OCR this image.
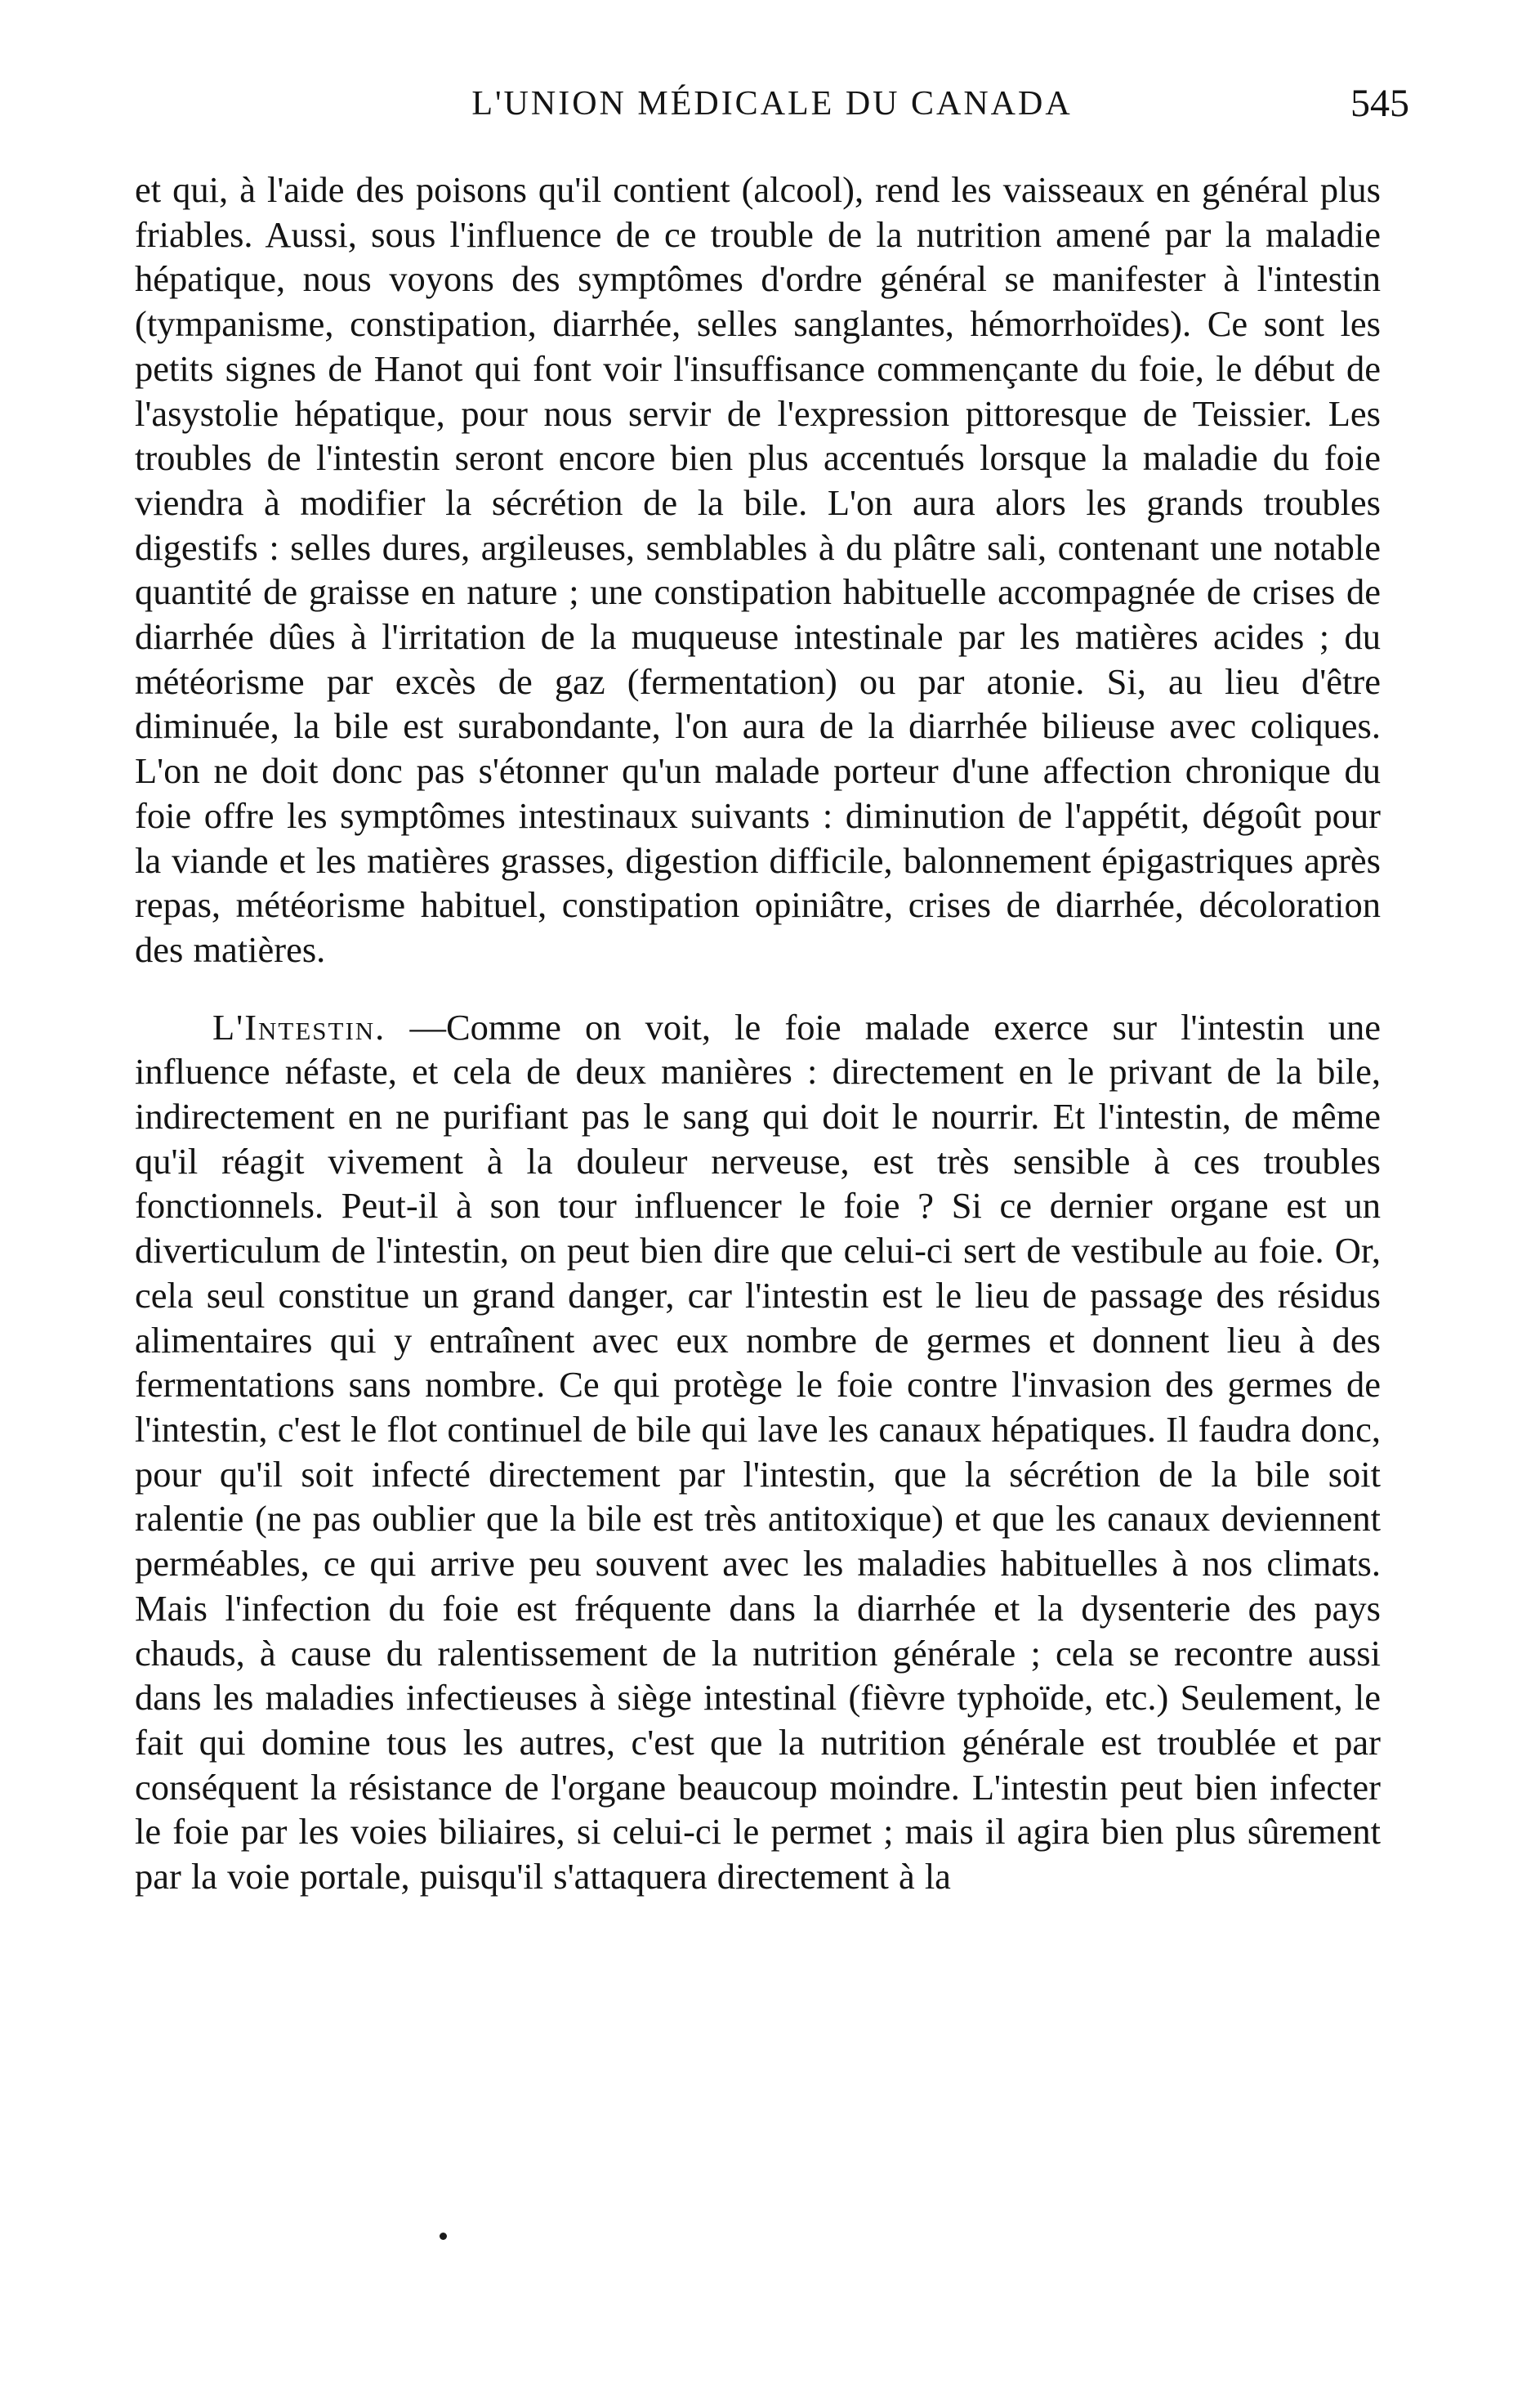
L'UNION MÉDICALE DU CANADA	545

et qui, à l'aide des poisons qu'il contient (alcool), rend les vaisseaux en général plus friables. Aussi, sous l'influence de ce trouble de la nutrition amené par la maladie hépatique, nous voyons des symptômes d'ordre général se manifester à l'intestin (tympanisme, constipation, diarrhée, selles sanglantes, hémorrhoïdes). Ce sont les petits signes de Hanot qui font voir l'insuffisance commençante du foie, le début de l'asystolie hépatique, pour nous servir de l'expression pittoresque de Teissier. Les troubles de l'intestin seront encore bien plus accentués lorsque la maladie du foie viendra à modifier la sécrétion de la bile. L'on aura alors les grands troubles digestifs : selles dures, argileuses, semblables à du plâtre sali, contenant une notable quantité de graisse en nature ; une constipation habituelle accompagnée de crises de diarrhée dûes à l'irritation de la muqueuse intestinale par les matières acides ; du météorisme par excès de gaz (fermentation) ou par atonie. Si, au lieu d'être diminuée, la bile est surabondante, l'on aura de la diarrhée bilieuse avec coliques. L'on ne doit donc pas s'étonner qu'un malade porteur d'une affection chronique du foie offre les symptômes intestinaux suivants : diminution de l'appétit, dégoût pour la viande et les matières grasses, digestion difficile, balonnement épigastriques après repas, météorisme habituel, constipation opiniâtre, crises de diarrhée, décoloration des matières.

L'Intestin. —Comme on voit, le foie malade exerce sur l'intestin une influence néfaste, et cela de deux manières : directement en le privant de la bile, indirectement en ne purifiant pas le sang qui doit le nourrir. Et l'intestin, de même qu'il réagit vivement à la douleur nerveuse, est très sensible à ces troubles fonctionnels. Peut-il à son tour influencer le foie ? Si ce dernier organe est un diverticulum de l'intestin, on peut bien dire que celui-ci sert de vestibule au foie. Or, cela seul constitue un grand danger, car l'intestin est le lieu de passage des résidus alimentaires qui y entraînent avec eux nombre de germes et donnent lieu à des fermentations sans nombre. Ce qui protège le foie contre l'invasion des germes de l'intestin, c'est le flot continuel de bile qui lave les canaux hépatiques. Il faudra donc, pour qu'il soit infecté directement par l'intestin, que la sécrétion de la bile soit ralentie (ne pas oublier que la bile est très antitoxique) et que les canaux deviennent perméables, ce qui arrive peu souvent avec les maladies habituelles à nos climats. Mais l'infection du foie est fréquente dans la diarrhée et la dysenterie des pays chauds, à cause du ralentissement de la nutrition générale ; cela se recontre aussi dans les maladies infectieuses à siège intestinal (fièvre typhoïde, etc.) Seulement, le fait qui domine tous les autres, c'est que la nutrition générale est troublée et par conséquent la résistance de l'organe beaucoup moindre. L'intestin peut bien infecter le foie par les voies biliaires, si celui-ci le permet ; mais il agira bien plus sûrement par la voie portale, puisqu'il s'attaquera directement à la
